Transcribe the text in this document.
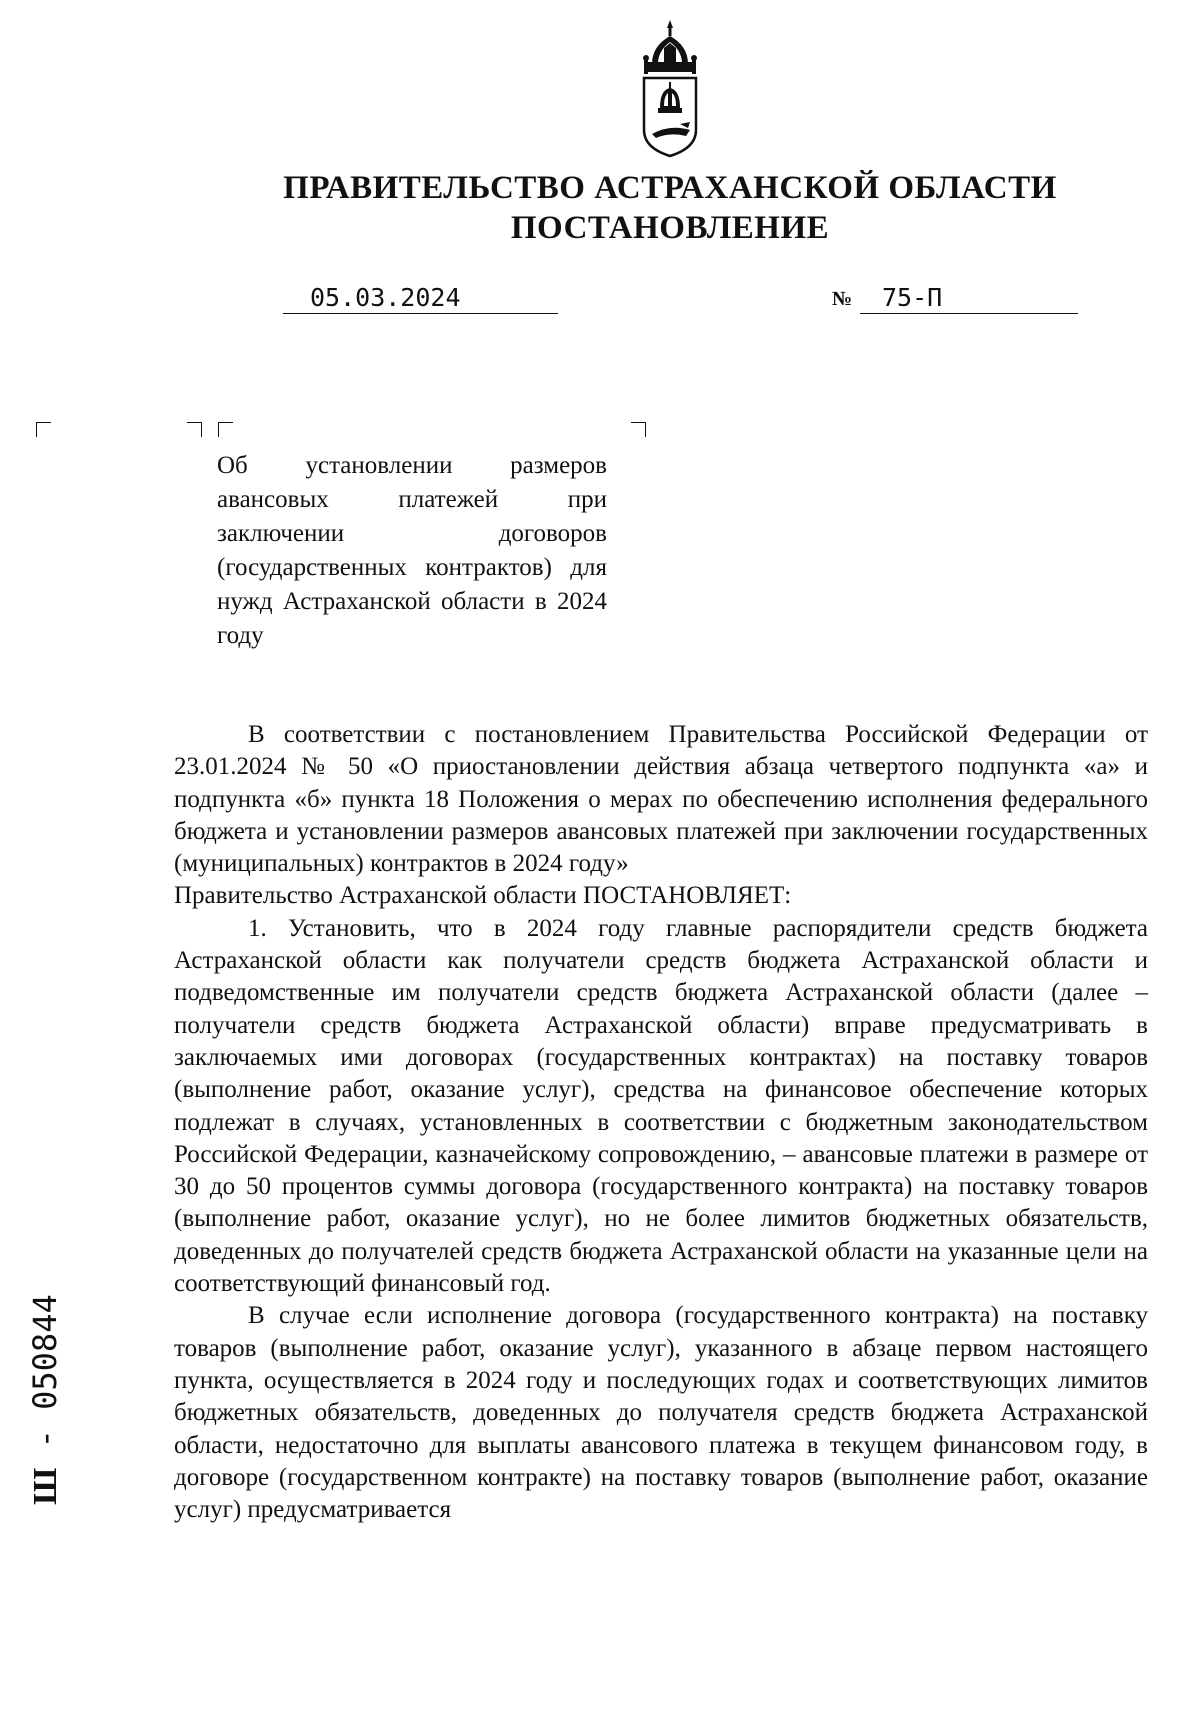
ПРАВИТЕЛЬСТВО АСТРАХАНСКОЙ ОБЛАСТИ
ПОСТАНОВЛЕНИЕ
05.03.2024	№	75-П
Об установлении размеров авансовых платежей при заключении договоров (государственных контрактов) для нужд Астраханской области в 2024 году

В соответствии с постановлением Правительства Российской Федерации от 23.01.2024 № 50 «О приостановлении действия абзаца четвертого подпункта «а» и подпункта «б» пункта 18 Положения о мерах по обеспечению исполнения федерального бюджета и установлении размеров авансовых платежей при заключении государственных (муниципальных) контрактов в 2024 году»

Правительство Астраханской области ПОСТАНОВЛЯЕТ:

1. Установить, что в 2024 году главные распорядители средств бюджета Астраханской области как получатели средств бюджета Астраханской области и подведомственные им получатели средств бюджета Астраханской области (далее – получатели средств бюджета Астраханской области) вправе предусматривать в заключаемых ими договорах (государственных контрактах) на поставку товаров (выполнение работ, оказание услуг), средства на финансовое обеспечение которых подлежат в случаях, установленных в соответствии с бюджетным законодательством Российской Федерации, казначейскому сопровождению, – авансовые платежи в размере от 30 до 50 процентов суммы договора (государственного контракта) на поставку товаров (выполнение работ, оказание услуг), но не более лимитов бюджетных обязательств, доведенных до получателей средств бюджета Астраханской области на указанные цели на соответствующий финансовый год.

В случае если исполнение договора (государственного контракта) на поставку товаров (выполнение работ, оказание услуг), указанного в абзаце первом настоящего пункта, осуществляется в 2024 году и последующих годах и соответствующих лимитов бюджетных обязательств, доведенных до получателя средств бюджета Астраханской области, недостаточно для выплаты авансового платежа в текущем финансовом году, в договоре (государственном контракте) на поставку товаров (выполнение работ, оказание услуг) предусматривается

Ш - 050844
